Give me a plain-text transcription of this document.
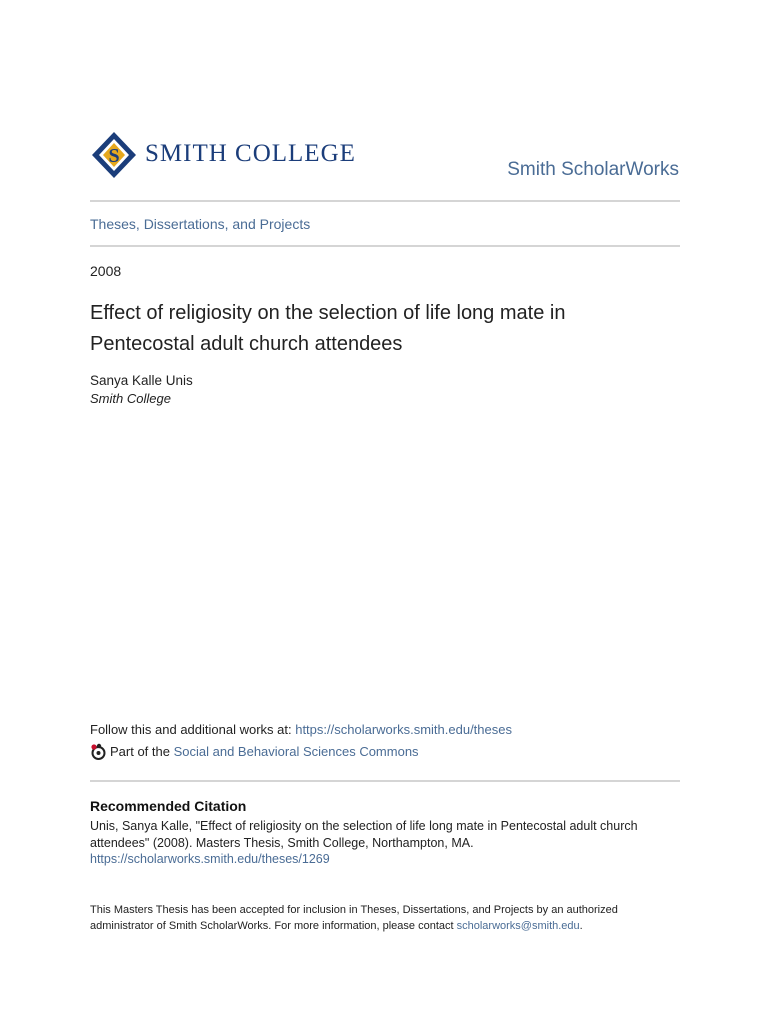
S SMITH COLLEGE
Smith ScholarWorks
Theses, Dissertations, and Projects
2008
Effect of religiosity on the selection of life long mate in
Pentecostal adult church attendees
Sanya Kalle Unis
Smith College
Follow this and additional works at: https://scholarworks.smith.edu/theses
Part of the Social and Behavioral Sciences Commons
Recommended Citation
Unis, Sanya Kalle, "Effect of religiosity on the selection of life long mate in Pentecostal adult church
attendees" (2008). Masters Thesis, Smith College, Northampton, MA.
https://scholarworks.smith.edu/theses/1269
This Masters Thesis has been accepted for inclusion in Theses, Dissertations, and Projects by an authorized
administrator of Smith ScholarWorks. For more information, please contact scholarworks@smith.edu.
